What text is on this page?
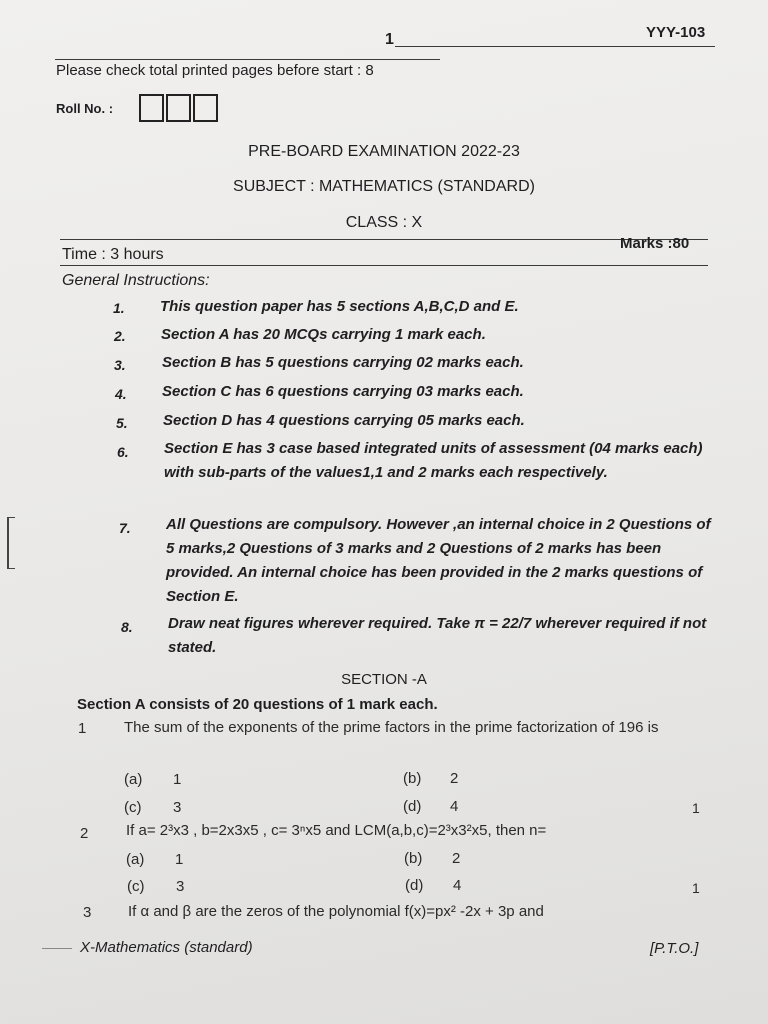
1	YYY-103
Please check total printed pages before start : 8
Roll No. :
PRE-BOARD EXAMINATION 2022-23
SUBJECT : MATHEMATICS (STANDARD)
CLASS : X
Time : 3 hours
Marks :80
General Instructions:
1. This question paper has 5 sections A,B,C,D and E.
2. Section A has 20 MCQs carrying 1 mark each.
3. Section B has 5 questions carrying 02 marks each.
4. Section C has 6 questions carrying 03 marks each.
5. Section D has 4 questions carrying 05 marks each.
6. Section E has 3 case based integrated units of assessment (04 marks each) with sub-parts of the values1,1 and 2 marks each respectively.
7. All Questions are compulsory. However ,an internal choice in 2 Questions of 5 marks,2 Questions of 3 marks and 2 Questions of 2 marks has been provided. An internal choice has been provided in the 2 marks questions of Section E.
8. Draw neat figures wherever required. Take π = 22/7 wherever required if not stated.
SECTION -A
Section A consists of 20 questions of 1 mark each.
1	The sum of the exponents of the prime factors in the prime factorization of 196 is
(a) 1	(b) 2
(c) 3	(d) 4	1
2	If a= 2³x3 , b=2x3x5 , c= 3ⁿx5 and LCM(a,b,c)=2³x3²x5, then n=
(a) 1	(b) 2
(c) 3	(d) 4	1
3 If α and β are the zeros of the polynomial f(x)=px² -2x + 3p and
X-Mathematics (standard)	[P.T.O.]
